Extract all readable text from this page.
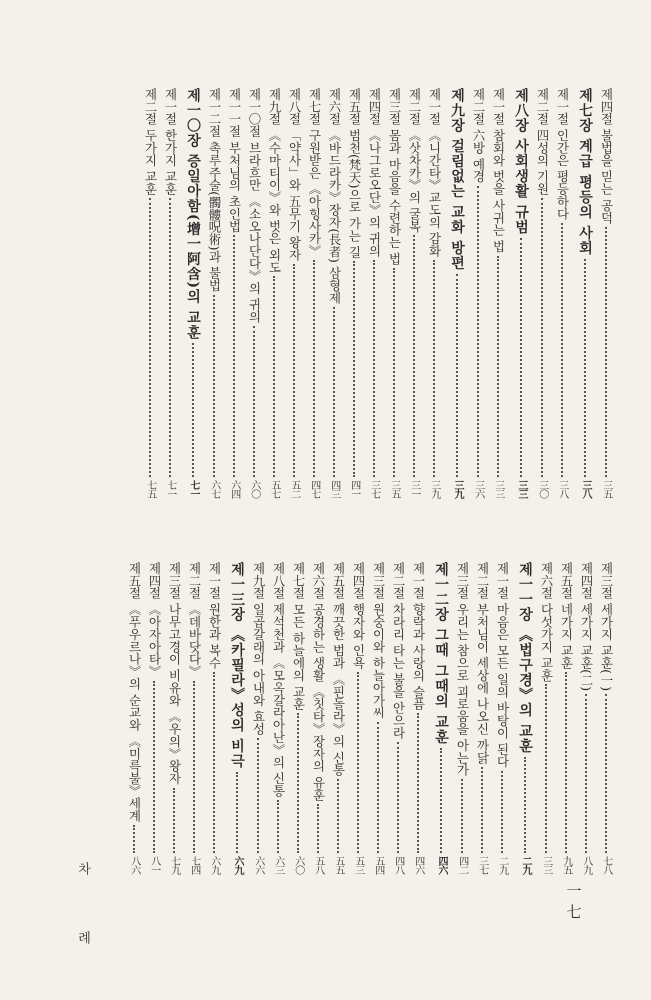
제四절 불법을 믿는 공덕
三五
제七장 계급 평등의 사회
三八
제一절 인간은 평등하다
三八
제二절 四성의 기원
三〇
제八장 사회생활 규범
三三
제一절 참회와 벗을 사귀는 법
三三
제二절 六방 예경
三六
제九장 걸림없는 교화 방편
三九
제一절 《니간타》교도의 감화
三九
제二절 《삿차카》의 굴복
三一
제三절 몸과 마음을 수련하는 법
三五
제四절 《나그로오단》의 귀의
三七
제五절 범천(梵天)으로 가는 길
四一
제六절 《바드라카》장자(長者) 삼형제
四三
제七절 구원받은 《아힝사카》
四七
제八절 「약사」와 五무기 왕자
五二
제九절 《수마티이》와 벗은 외도
五七
제一〇절 브라흐만 《소오나단다》의 귀의
六〇
제一一절 부처님의 초인법
六四
제一二절 촉루주술(髑髏呪術)과 불법
六七
제一〇장 증일아함(增一阿含)의 교훈
七一
제一절 한가지 교훈
七一
제二절 두가지 교훈
七五
제三절 세가지 교훈(一)
七八
제四절 세가지 교훈(二)
八九
제五절 네가지 교훈
九五
제六절 다섯가지 교훈
三三
제一一장 《법구경》의 교훈
二九
제一절 마음은 모든 일의 바탕이 된다
二九
제二절 부처님이 세상에 나오신 까닭
三七
제三절 우리는 참으로 괴로움을 아는가
四二
제一二장 그때 그때의 교훈
四六
제一절 향락과 사랑의 슬픔
四六
제二절 차라리 타는 불을 안으라
四八
제三절 원숭이와 하늘아가씨
五四
제四절 행자와 인욕
五三
제五절 깨끗한 범과 《핀돌라》의 신통
五五
제六절 공경하는 생활 《칫타》장자의 유훈
五八
제七절 모든 하늘에의 교훈
六〇
제八절 제석천과 《모옥갈라아난》의 신통
六三
제九절 일곱갈래의 아내와 효성
六六
제一三장 《카필라》성의 비극
六九
제一절 원한과 복수
六九
제二절 《데바닷다》
七四
제三절 나무고경이 비유와 《우의》왕자
七九
제四절 《아자아타》
八一
제五절 《푸우르나》의 순교와 《미륵불》세계
八六
차 례	一七
